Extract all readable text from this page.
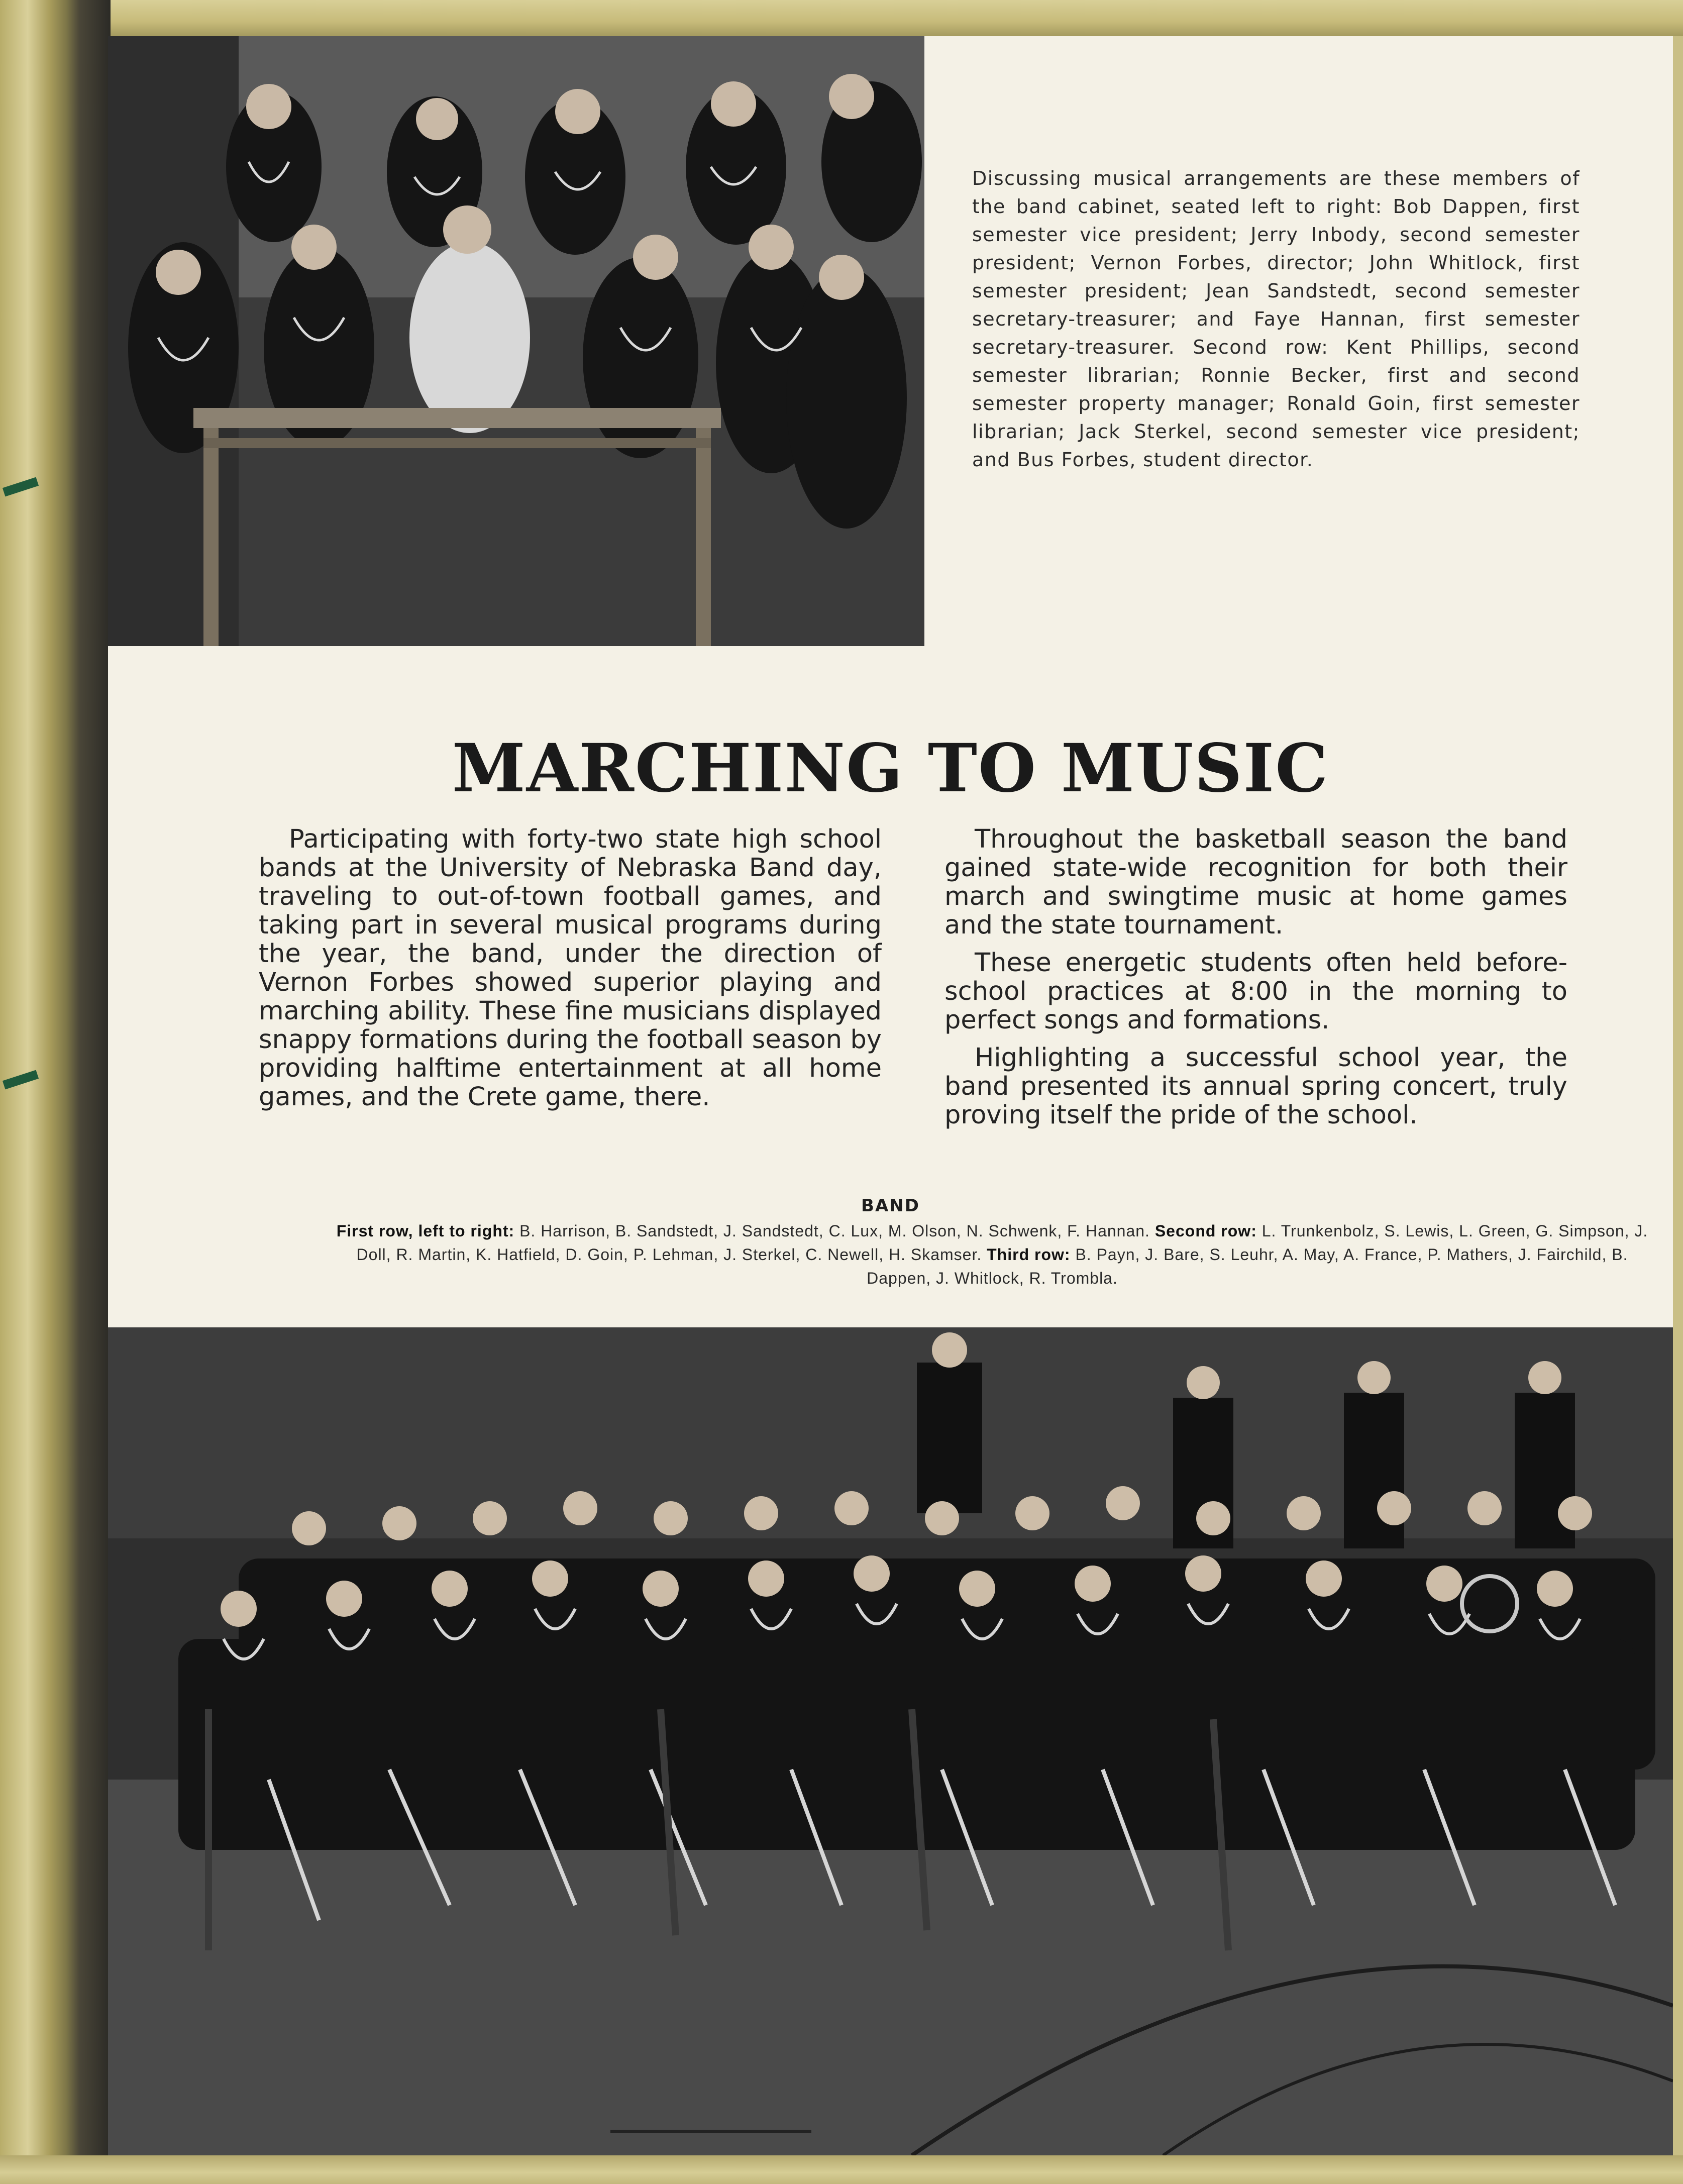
Discussing musical arrangements are these members of the band cabinet, seated left to right: Bob Dappen, first semester vice president; Jerry Inbody, second semester president; Vernon Forbes, director; John Whitlock, first semester president; Jean Sandstedt, second semester secretary-treasurer; and Faye Hannan, first semester secretary-treasurer. Second row: Kent Phillips, second semester librarian; Ronnie Becker, first and second semester property manager; Ronald Goin, first semester librarian; Jack Sterkel, second semester vice president; and Bus Forbes, student director.
MARCHING TO MUSIC

Participating with forty-two state high school bands at the University of Nebraska Band day, traveling to out-of-town football games, and taking part in several musical programs during the year, the band, under the direction of Vernon Forbes showed superior playing and marching ability. These fine musicians displayed snappy formations during the football season by providing halftime entertainment at all home games, and the Crete game, there.

Throughout the basketball season the band gained state-wide recognition for both their march and swingtime music at home games and the state tournament.

These energetic students often held before-school practices at 8:00 in the morning to perfect songs and formations.

Highlighting a successful school year, the band presented its annual spring concert, truly proving itself the pride of the school.

BAND
First row, left to right: B. Harrison, B. Sandstedt, J. Sandstedt, C. Lux, M. Olson, N. Schwenk, F. Hannan. Second row: L. Trunkenbolz, S. Lewis, L. Green, G. Simpson, J. Doll, R. Martin, K. Hatfield, D. Goin, P. Lehman, J. Sterkel, C. Newell, H. Skamser. Third row: B. Payn, J. Bare, S. Leuhr, A. May, A. France, P. Mathers, J. Fairchild, B. Dappen, J. Whitlock, R. Trombla.
